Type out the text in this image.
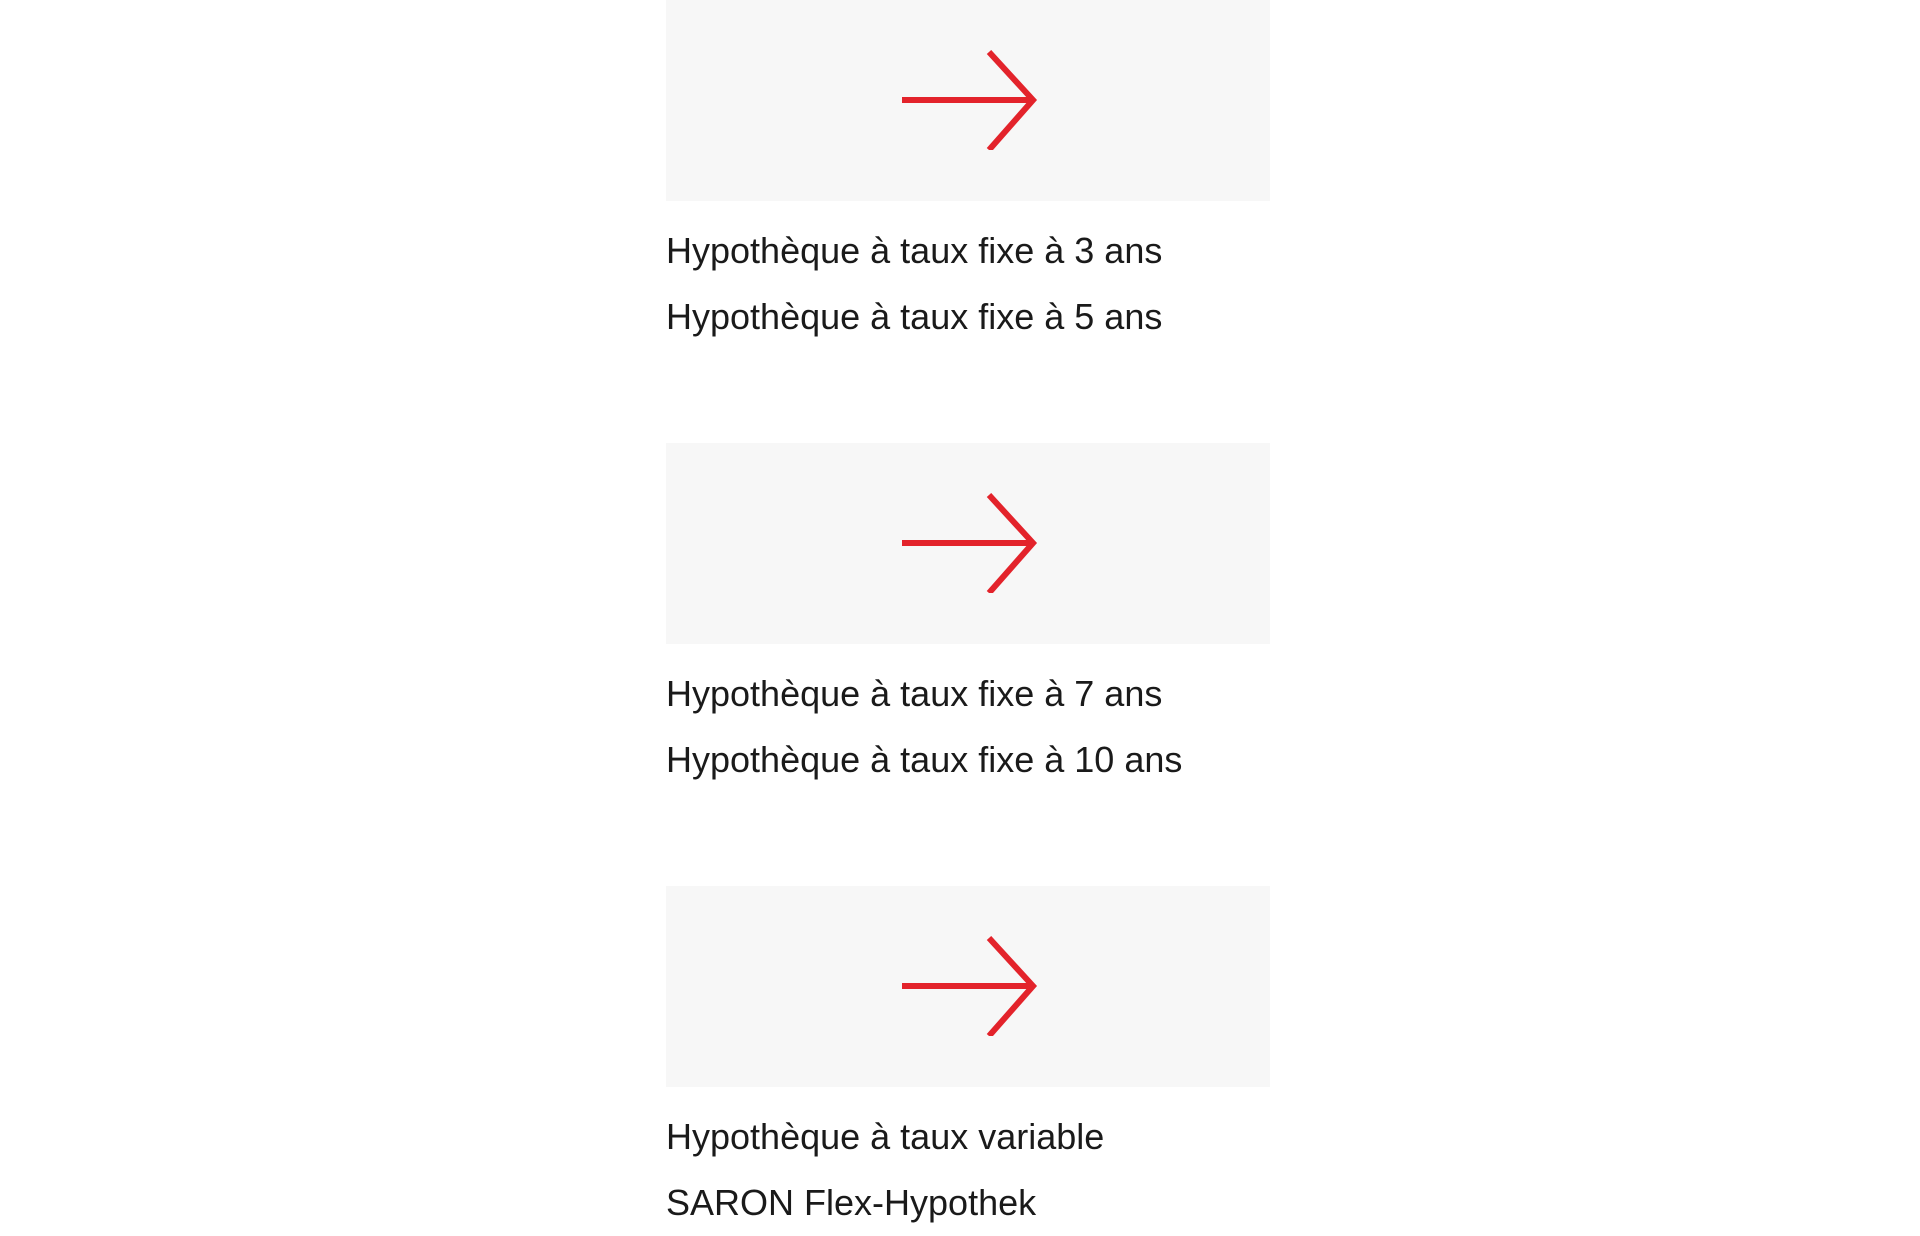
Hypothèque à taux fixe à 3 ans
Hypothèque à taux fixe à 5 ans
Hypothèque à taux fixe à 7 ans
Hypothèque à taux fixe à 10 ans
Hypothèque à taux variable
SARON Flex-Hypothek
